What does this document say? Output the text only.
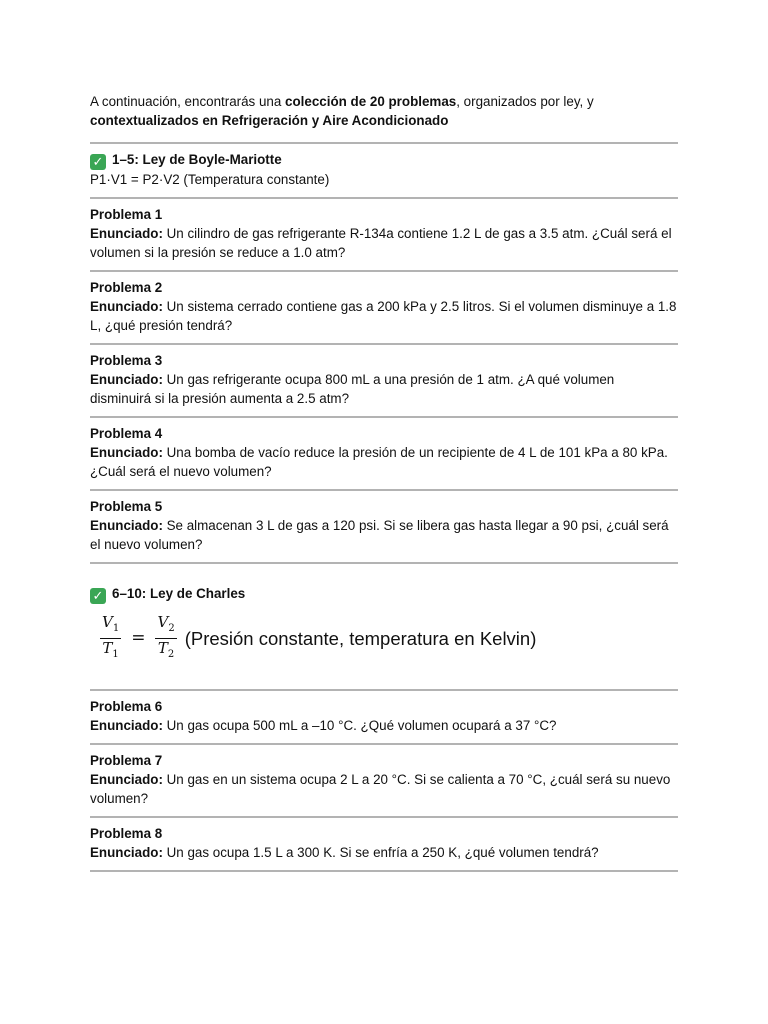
A continuación, encontrarás una colección de 20 problemas, organizados por ley, y contextualizados en Refrigeración y Aire Acondicionado

✓ 1–5: Ley de Boyle-Mariotte
P1·V1 = P2·V2 (Temperatura constante)
Problema 1
Enunciado: Un cilindro de gas refrigerante R-134a contiene 1.2 L de gas a 3.5 atm. ¿Cuál será el volumen si la presión se reduce a 1.0 atm?
Problema 2
Enunciado: Un sistema cerrado contiene gas a 200 kPa y 2.5 litros. Si el volumen disminuye a 1.8 L, ¿qué presión tendrá?
Problema 3
Enunciado: Un gas refrigerante ocupa 800 mL a una presión de 1 atm. ¿A qué volumen disminuirá si la presión aumenta a 2.5 atm?
Problema 4
Enunciado: Una bomba de vacío reduce la presión de un recipiente de 4 L de 101 kPa a 80 kPa. ¿Cuál será el nuevo volumen?
Problema 5
Enunciado: Se almacenan 3 L de gas a 120 psi. Si se libera gas hasta llegar a 90 psi, ¿cuál será el nuevo volumen?
✓ 6–10: Ley de Charles
$\frac{V_1}{T_1} = \frac{V_2}{T_2}$ (Presión constante, temperatura en Kelvin)
Problema 6
Enunciado: Un gas ocupa 500 mL a –10 °C. ¿Qué volumen ocupará a 37 °C?
Problema 7
Enunciado: Un gas en un sistema ocupa 2 L a 20 °C. Si se calienta a 70 °C, ¿cuál será su nuevo volumen?
Problema 8
Enunciado: Un gas ocupa 1.5 L a 300 K. Si se enfría a 250 K, ¿qué volumen tendrá?
